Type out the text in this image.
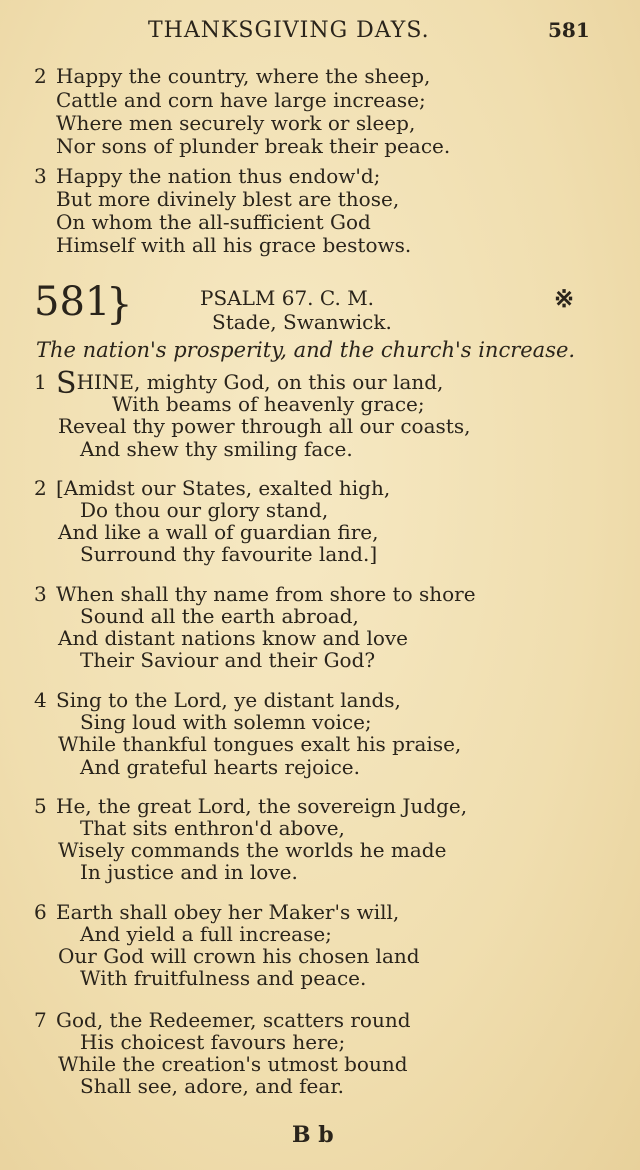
THANKSGIVING DAYS.	581
2 Happy the country, where the sheep,
Cattle and corn have large increase;
Where men securely work or sleep,
Nor sons of plunder break their peace.
3 Happy the nation thus endow'd;
But more divinely blest are those,
On whom the all-sufficient God
Himself with all his grace bestows.
581
}	PSALM 67. C. M.
Stade, Swanwick.
※
The nation's prosperity, and the church's increase.
1 SHINE, mighty God, on this our land,
With beams of heavenly grace;
Reveal thy power through all our coasts,
And shew thy smiling face.
2 [Amidst our States, exalted high,
Do thou our glory stand,
And like a wall of guardian fire,
Surround thy favourite land.]
3 When shall thy name from shore to shore
Sound all the earth abroad,
And distant nations know and love
Their Saviour and their God?
4 Sing to the Lord, ye distant lands,
Sing loud with solemn voice;
While thankful tongues exalt his praise,
And grateful hearts rejoice.
5 He, the great Lord, the sovereign Judge,
That sits enthron'd above,
Wisely commands the worlds he made
In justice and in love.
6 Earth shall obey her Maker's will,
And yield a full increase;
Our God will crown his chosen land
With fruitfulness and peace.
7 God, the Redeemer, scatters round
His choicest favours here;
While the creation's utmost bound
Shall see, adore, and fear.
B b
